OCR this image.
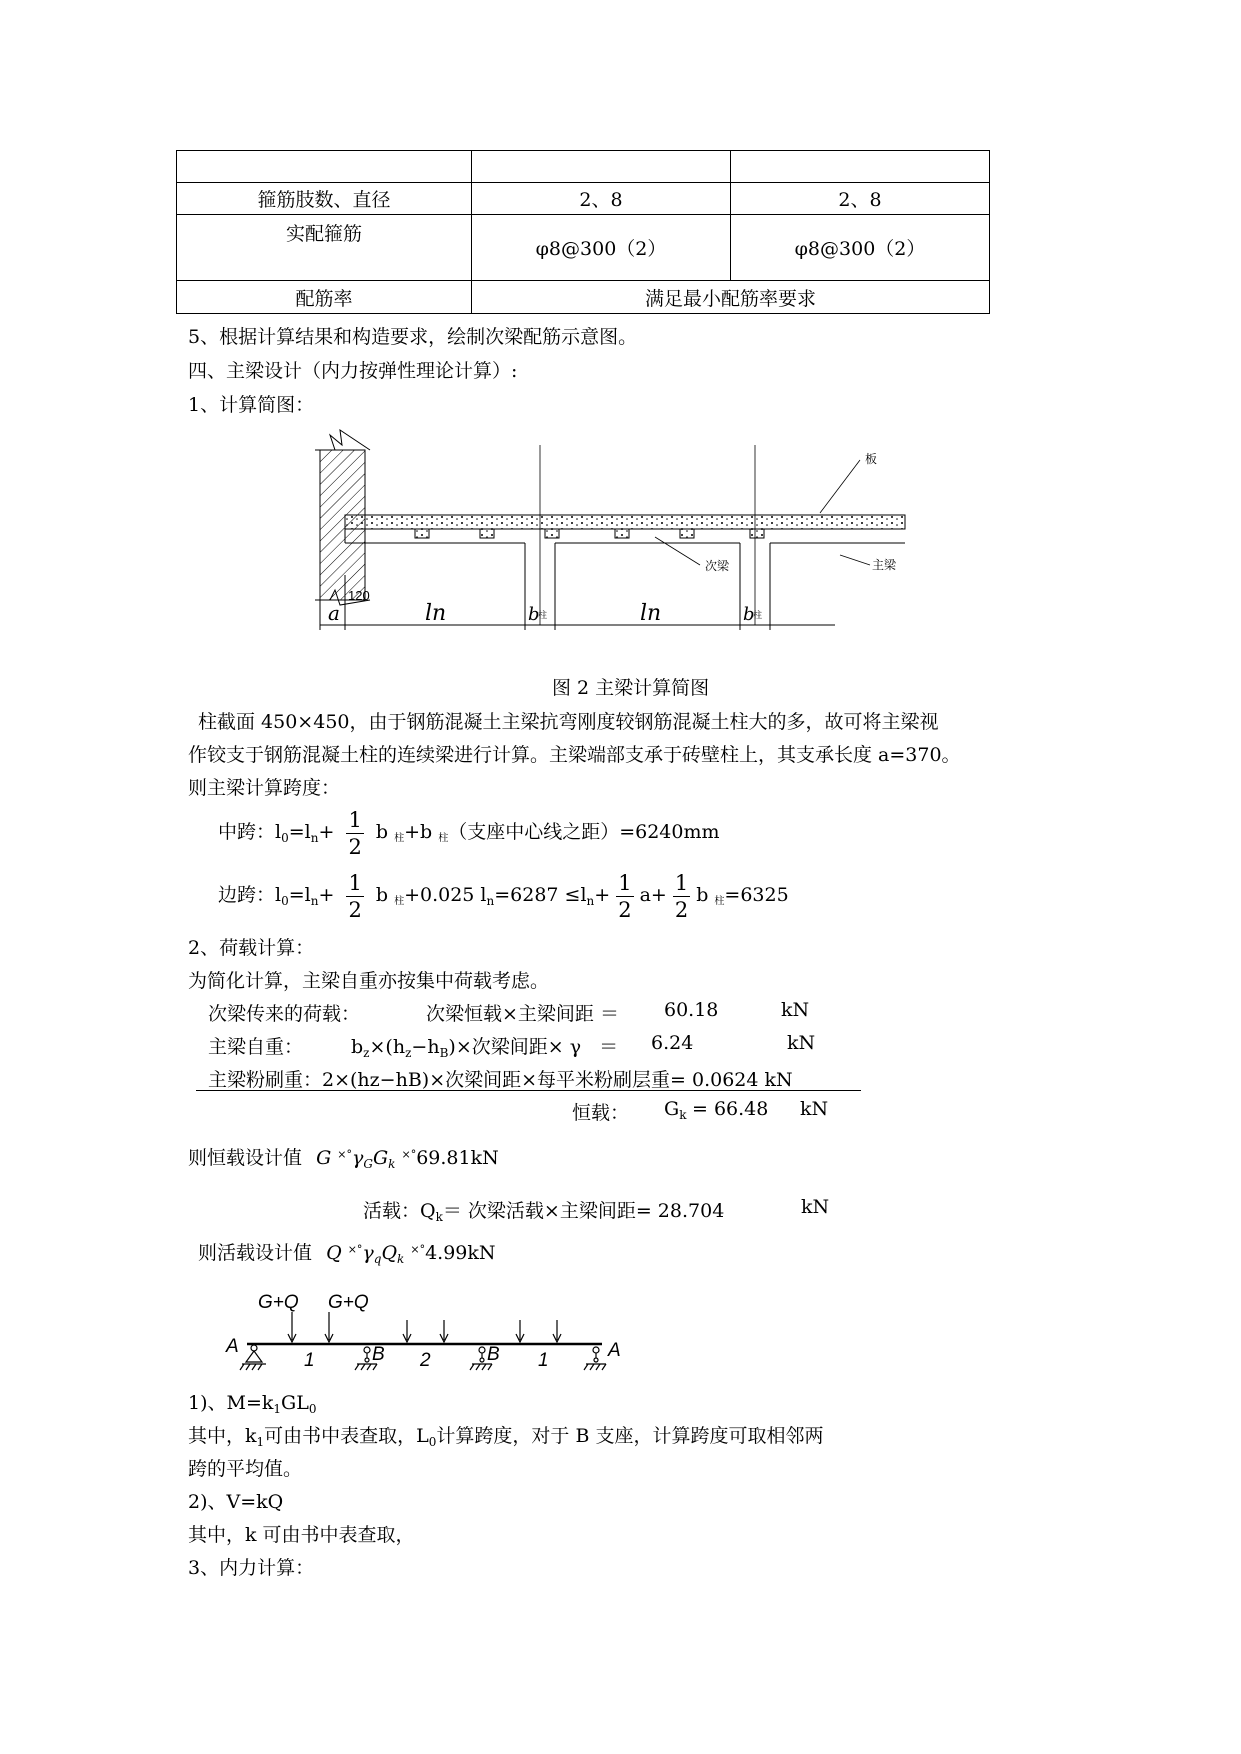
箍筋肢数、直径	2、8	2、8
实配箍筋	φ8@300（2）	φ8@300（2）
配筋率	满足最小配筋率要求	
5、根据计算结果和构造要求，绘制次梁配筋示意图。
四、主梁设计（内力按弹性理论计算）:
1、计算简图：
板
次梁	主梁
120
a	ln	b
柱	ln	b
柱
图 2 主梁计算简图
柱截面 450×450，由于钢筋混凝土主梁抗弯刚度较钢筋混凝土柱大的多，故可将主梁视
作铰支于钢筋混凝土柱的连续梁进行计算。主梁端部支承于砖壁柱上，其支承长度 a=370。
则主梁计算跨度：
中跨：$l_0=l_n+ \frac{1}{2}$ b 柱+b 柱（支座中心线之距）=6240mm
边跨：$l_0=l_n+ \frac{1}{2}$ b 柱+0.025 $l_n=6287 \le l_n+ \frac{1}{2} a+ \frac{1}{2}$ b 柱=6325
2、荷载计算：
为简化计算，主梁自重亦按集中荷载考虑。
次梁传来的荷载：	次梁恒载×主梁间距 ＝ 60.18	kN
主梁自重：	$b_z\times(h_z-h_B)\times$次梁间距× γ   ＝ 6.24	kN
主梁粉刷重：2×(hz−hB)×次梁间距×每平米粉刷层重= 0.0624 kN
恒载： $G_k = 66.48$ kN
则恒载设计值 G $^{\times^\circ}\gamma_GG_k$ ×°69.81kN
活载：$Q_k=$ 次梁活载×主梁间距= 28.704	kN
则活载设计值 Q $^{\times^\circ}\gamma_qQ_k$ ×°4.99kN
G+Q G+Q
A	B	B	A
1	2	1
1)、$M=k_1GL_0$
其中，$k_1$可由书中表查取，$L_0$计算跨度，对于 B 支座，计算跨度可取相邻两
跨的平均值。
2)、V=kQ
其中，k 可由书中表查取，
3、内力计算：
